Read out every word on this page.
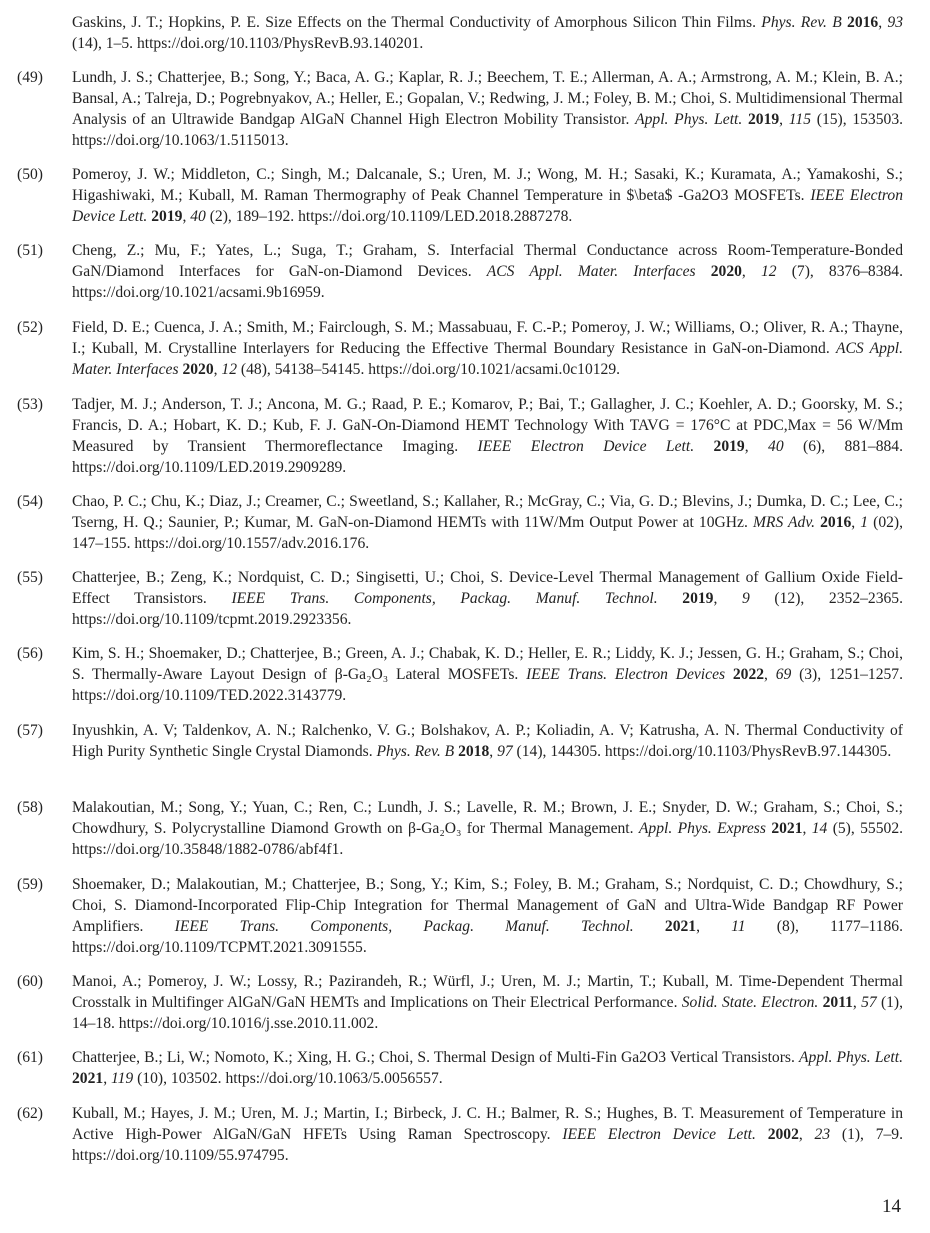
Gaskins, J. T.; Hopkins, P. E. Size Effects on the Thermal Conductivity of Amorphous Silicon Thin Films. Phys. Rev. B 2016, 93 (14), 1–5. https://doi.org/10.1103/PhysRevB.93.140201.
(49) Lundh, J. S.; Chatterjee, B.; Song, Y.; Baca, A. G.; Kaplar, R. J.; Beechem, T. E.; Allerman, A. A.; Armstrong, A. M.; Klein, B. A.; Bansal, A.; Talreja, D.; Pogrebnyakov, A.; Heller, E.; Gopalan, V.; Redwing, J. M.; Foley, B. M.; Choi, S. Multidimensional Thermal Analysis of an Ultrawide Bandgap AlGaN Channel High Electron Mobility Transistor. Appl. Phys. Lett. 2019, 115 (15), 153503. https://doi.org/10.1063/1.5115013.
(50) Pomeroy, J. W.; Middleton, C.; Singh, M.; Dalcanale, S.; Uren, M. J.; Wong, M. H.; Sasaki, K.; Kuramata, A.; Yamakoshi, S.; Higashiwaki, M.; Kuball, M. Raman Thermography of Peak Channel Temperature in $\beta$ -Ga2O3 MOSFETs. IEEE Electron Device Lett. 2019, 40 (2), 189–192. https://doi.org/10.1109/LED.2018.2887278.
(51) Cheng, Z.; Mu, F.; Yates, L.; Suga, T.; Graham, S. Interfacial Thermal Conductance across Room-Temperature-Bonded GaN/Diamond Interfaces for GaN-on-Diamond Devices. ACS Appl. Mater. Interfaces 2020, 12 (7), 8376–8384. https://doi.org/10.1021/acsami.9b16959.
(52) Field, D. E.; Cuenca, J. A.; Smith, M.; Fairclough, S. M.; Massabuau, F. C.-P.; Pomeroy, J. W.; Williams, O.; Oliver, R. A.; Thayne, I.; Kuball, M. Crystalline Interlayers for Reducing the Effective Thermal Boundary Resistance in GaN-on-Diamond. ACS Appl. Mater. Interfaces 2020, 12 (48), 54138–54145. https://doi.org/10.1021/acsami.0c10129.
(53) Tadjer, M. J.; Anderson, T. J.; Ancona, M. G.; Raad, P. E.; Komarov, P.; Bai, T.; Gallagher, J. C.; Koehler, A. D.; Goorsky, M. S.; Francis, D. A.; Hobart, K. D.; Kub, F. J. GaN-On-Diamond HEMT Technology With TAVG = 176°C at PDC,Max = 56 W/Mm Measured by Transient Thermoreflectance Imaging. IEEE Electron Device Lett. 2019, 40 (6), 881–884. https://doi.org/10.1109/LED.2019.2909289.
(54) Chao, P. C.; Chu, K.; Diaz, J.; Creamer, C.; Sweetland, S.; Kallaher, R.; McGray, C.; Via, G. D.; Blevins, J.; Dumka, D. C.; Lee, C.; Tserng, H. Q.; Saunier, P.; Kumar, M. GaN-on-Diamond HEMTs with 11W/Mm Output Power at 10GHz. MRS Adv. 2016, 1 (02), 147–155. https://doi.org/10.1557/adv.2016.176.
(55) Chatterjee, B.; Zeng, K.; Nordquist, C. D.; Singisetti, U.; Choi, S. Device-Level Thermal Management of Gallium Oxide Field-Effect Transistors. IEEE Trans. Components, Packag. Manuf. Technol. 2019, 9 (12), 2352–2365. https://doi.org/10.1109/tcpmt.2019.2923356.
(56) Kim, S. H.; Shoemaker, D.; Chatterjee, B.; Green, A. J.; Chabak, K. D.; Heller, E. R.; Liddy, K. J.; Jessen, G. H.; Graham, S.; Choi, S. Thermally-Aware Layout Design of β-Ga₂O₃ Lateral MOSFETs. IEEE Trans. Electron Devices 2022, 69 (3), 1251–1257. https://doi.org/10.1109/TED.2022.3143779.
(57) Inyushkin, A. V; Taldenkov, A. N.; Ralchenko, V. G.; Bolshakov, A. P.; Koliadin, A. V; Katrusha, A. N. Thermal Conductivity of High Purity Synthetic Single Crystal Diamonds. Phys. Rev. B 2018, 97 (14), 144305. https://doi.org/10.1103/PhysRevB.97.144305.
(58) Malakoutian, M.; Song, Y.; Yuan, C.; Ren, C.; Lundh, J. S.; Lavelle, R. M.; Brown, J. E.; Snyder, D. W.; Graham, S.; Choi, S.; Chowdhury, S. Polycrystalline Diamond Growth on β-Ga₂O₃ for Thermal Management. Appl. Phys. Express 2021, 14 (5), 55502. https://doi.org/10.35848/1882-0786/abf4f1.
(59) Shoemaker, D.; Malakoutian, M.; Chatterjee, B.; Song, Y.; Kim, S.; Foley, B. M.; Graham, S.; Nordquist, C. D.; Chowdhury, S.; Choi, S. Diamond-Incorporated Flip-Chip Integration for Thermal Management of GaN and Ultra-Wide Bandgap RF Power Amplifiers. IEEE Trans. Components, Packag. Manuf. Technol. 2021, 11 (8), 1177–1186. https://doi.org/10.1109/TCPMT.2021.3091555.
(60) Manoi, A.; Pomeroy, J. W.; Lossy, R.; Pazirandeh, R.; Würfl, J.; Uren, M. J.; Martin, T.; Kuball, M. Time-Dependent Thermal Crosstalk in Multifinger AlGaN/GaN HEMTs and Implications on Their Electrical Performance. Solid. State. Electron. 2011, 57 (1), 14–18. https://doi.org/10.1016/j.sse.2010.11.002.
(61) Chatterjee, B.; Li, W.; Nomoto, K.; Xing, H. G.; Choi, S. Thermal Design of Multi-Fin Ga2O3 Vertical Transistors. Appl. Phys. Lett. 2021, 119 (10), 103502. https://doi.org/10.1063/5.0056557.
(62) Kuball, M.; Hayes, J. M.; Uren, M. J.; Martin, I.; Birbeck, J. C. H.; Balmer, R. S.; Hughes, B. T. Measurement of Temperature in Active High-Power AlGaN/GaN HFETs Using Raman Spectroscopy. IEEE Electron Device Lett. 2002, 23 (1), 7–9. https://doi.org/10.1109/55.974795.
14
